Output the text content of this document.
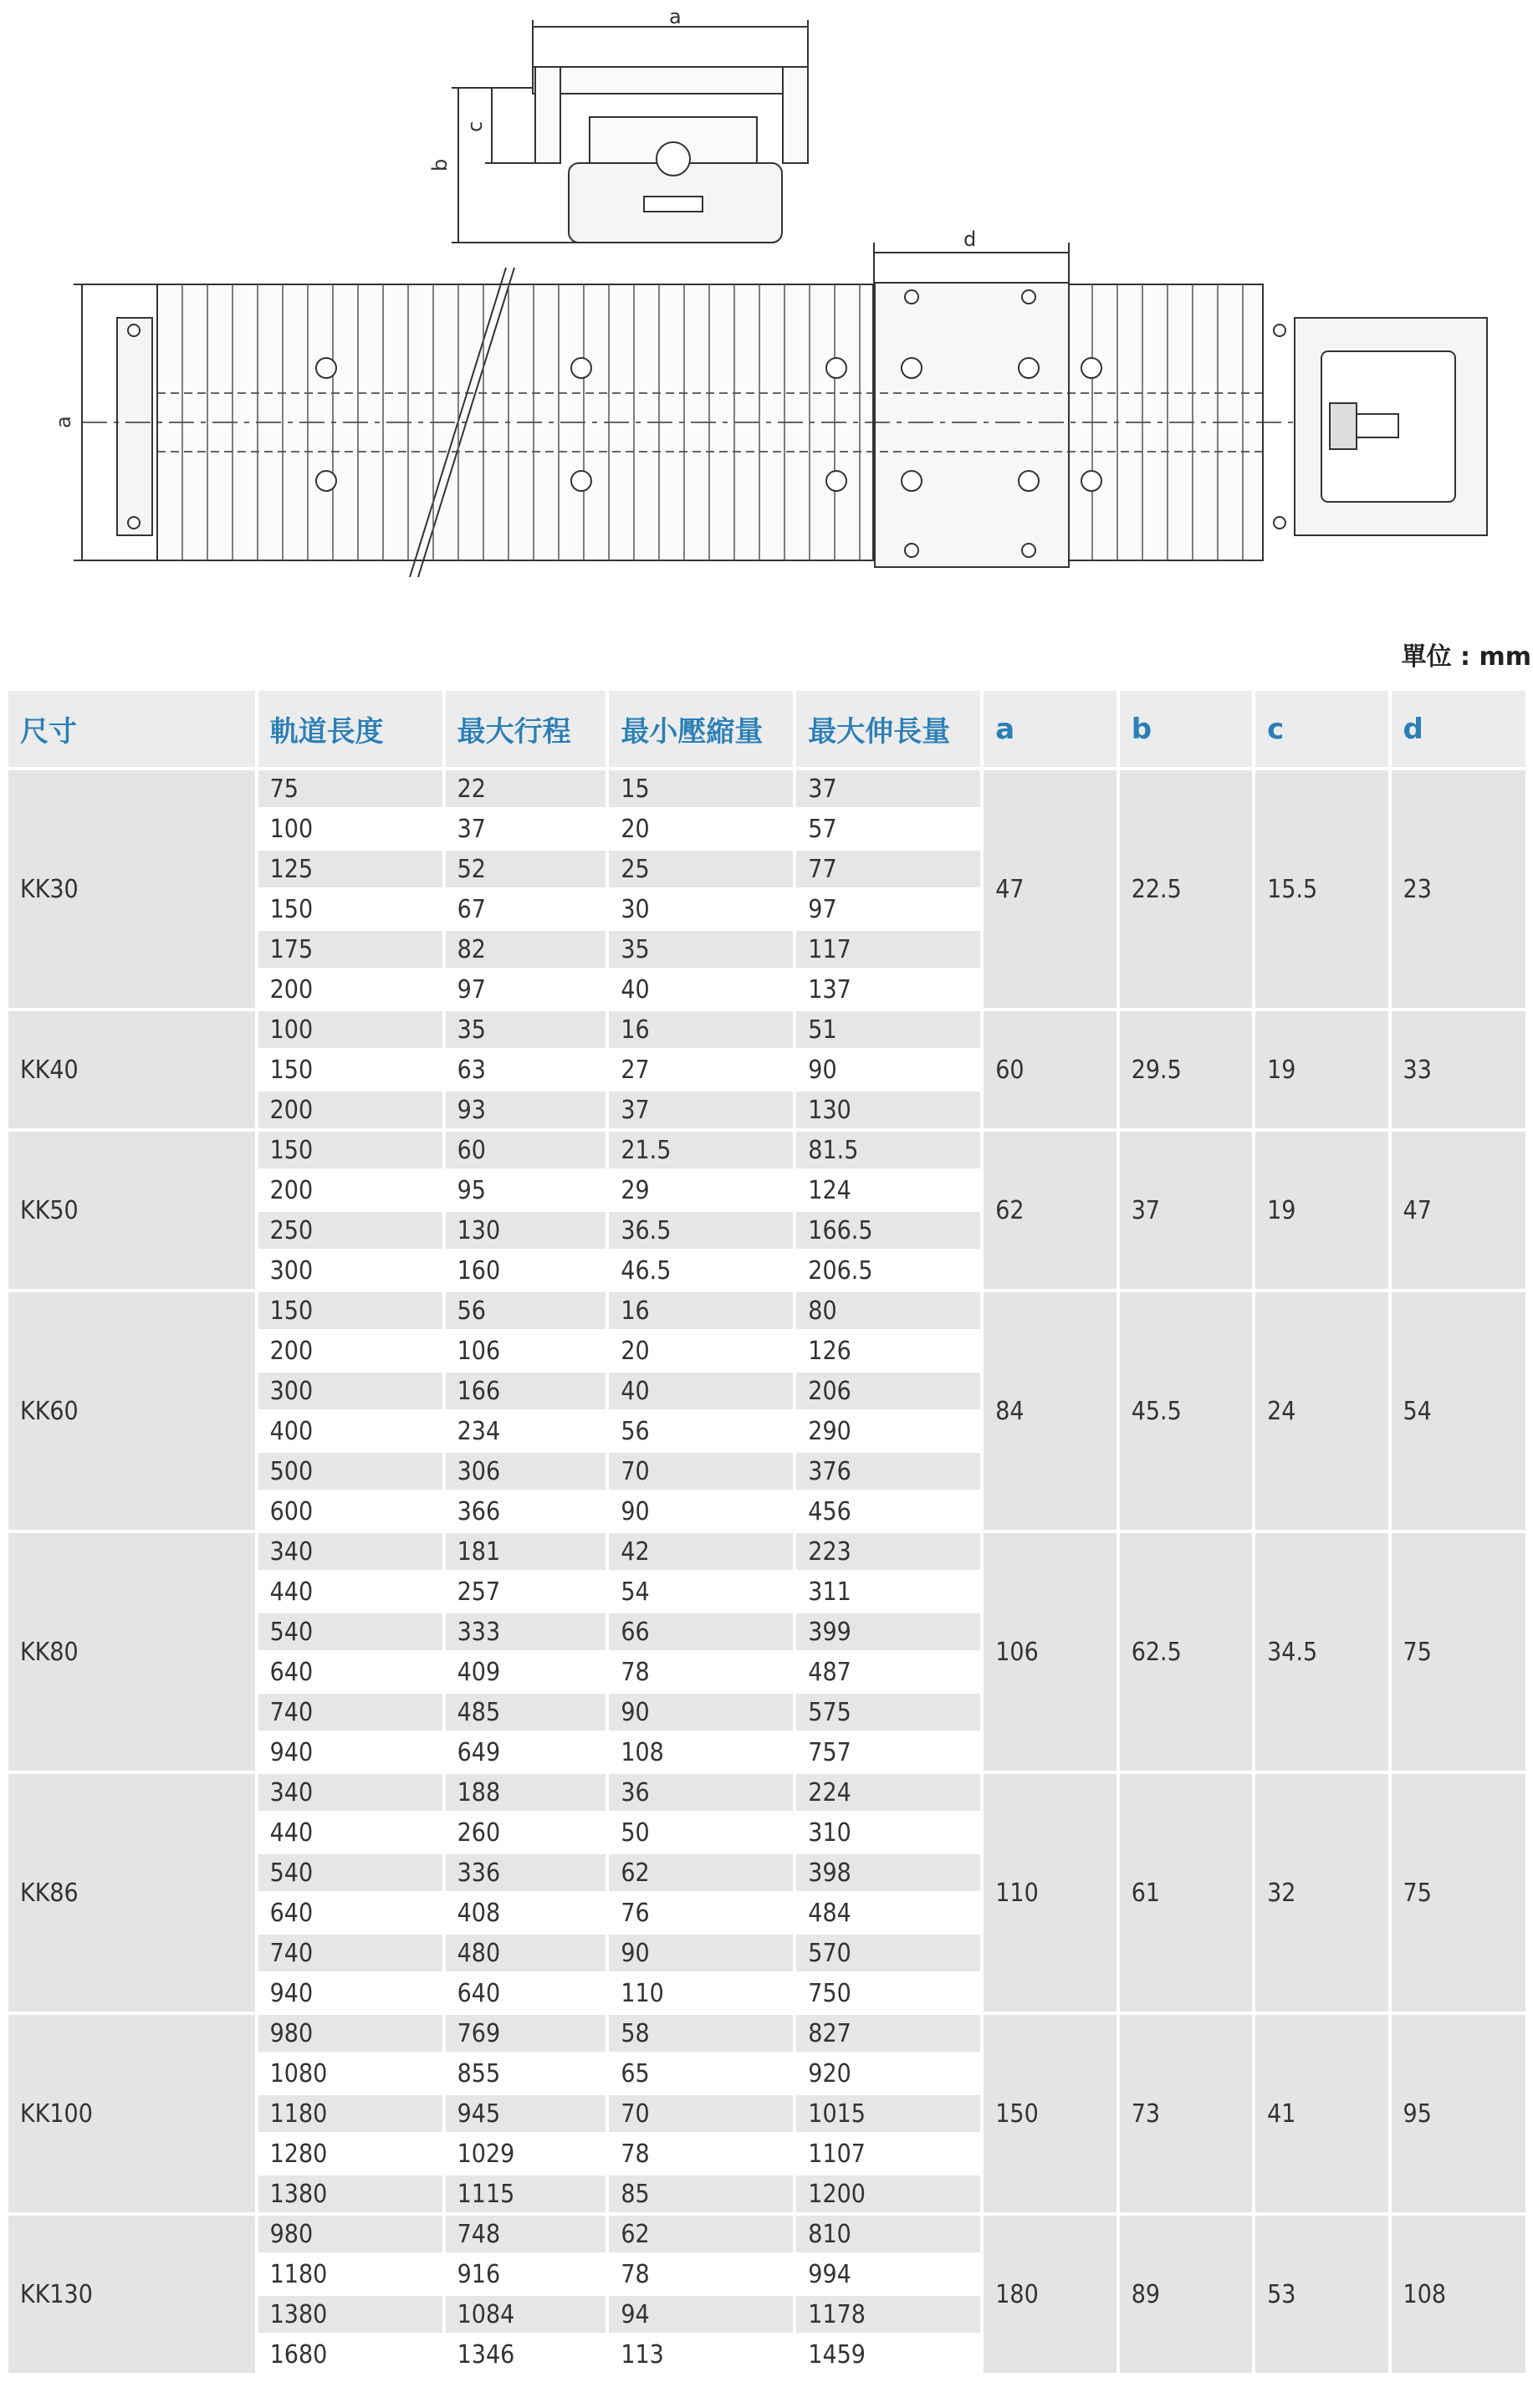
a
b
c
d
a
單位 : mm
尺寸	軌道長度	最大行程	最小壓縮量	最大伸長量	a	b	c	d
KK30	75	22	15	37	47	22.5	15.5	23
	100	37	20	57				
	125	52	25	77				
	150	67	30	97				
	175	82	35	117				
	200	97	40	137				
KK40	100	35	16	51	60	29.5	19	33
	150	63	27	90				
	200	93	37	130				
KK50	150	60	21.5	81.5	62	37	19	47
	200	95	29	124				
	250	130	36.5	166.5				
	300	160	46.5	206.5				
KK60	150	56	16	80	84	45.5	24	54
	200	106	20	126				
	300	166	40	206				
	400	234	56	290				
	500	306	70	376				
	600	366	90	456				
KK80	340	181	42	223	106	62.5	34.5	75
	440	257	54	311				
	540	333	66	399				
	640	409	78	487				
	740	485	90	575				
	940	649	108	757				
KK86	340	188	36	224	110	61	32	75
	440	260	50	310				
	540	336	62	398				
	640	408	76	484				
	740	480	90	570				
	940	640	110	750				
KK100	980	769	58	827	150	73	41	95
	1080	855	65	920				
	1180	945	70	1015				
	1280	1029	78	1107				
	1380	1115	85	1200				
KK130	980	748	62	810	180	89	53	108
	1180	916	78	994				
	1380	1084	94	1178				
	1680	1346	113	1459				
